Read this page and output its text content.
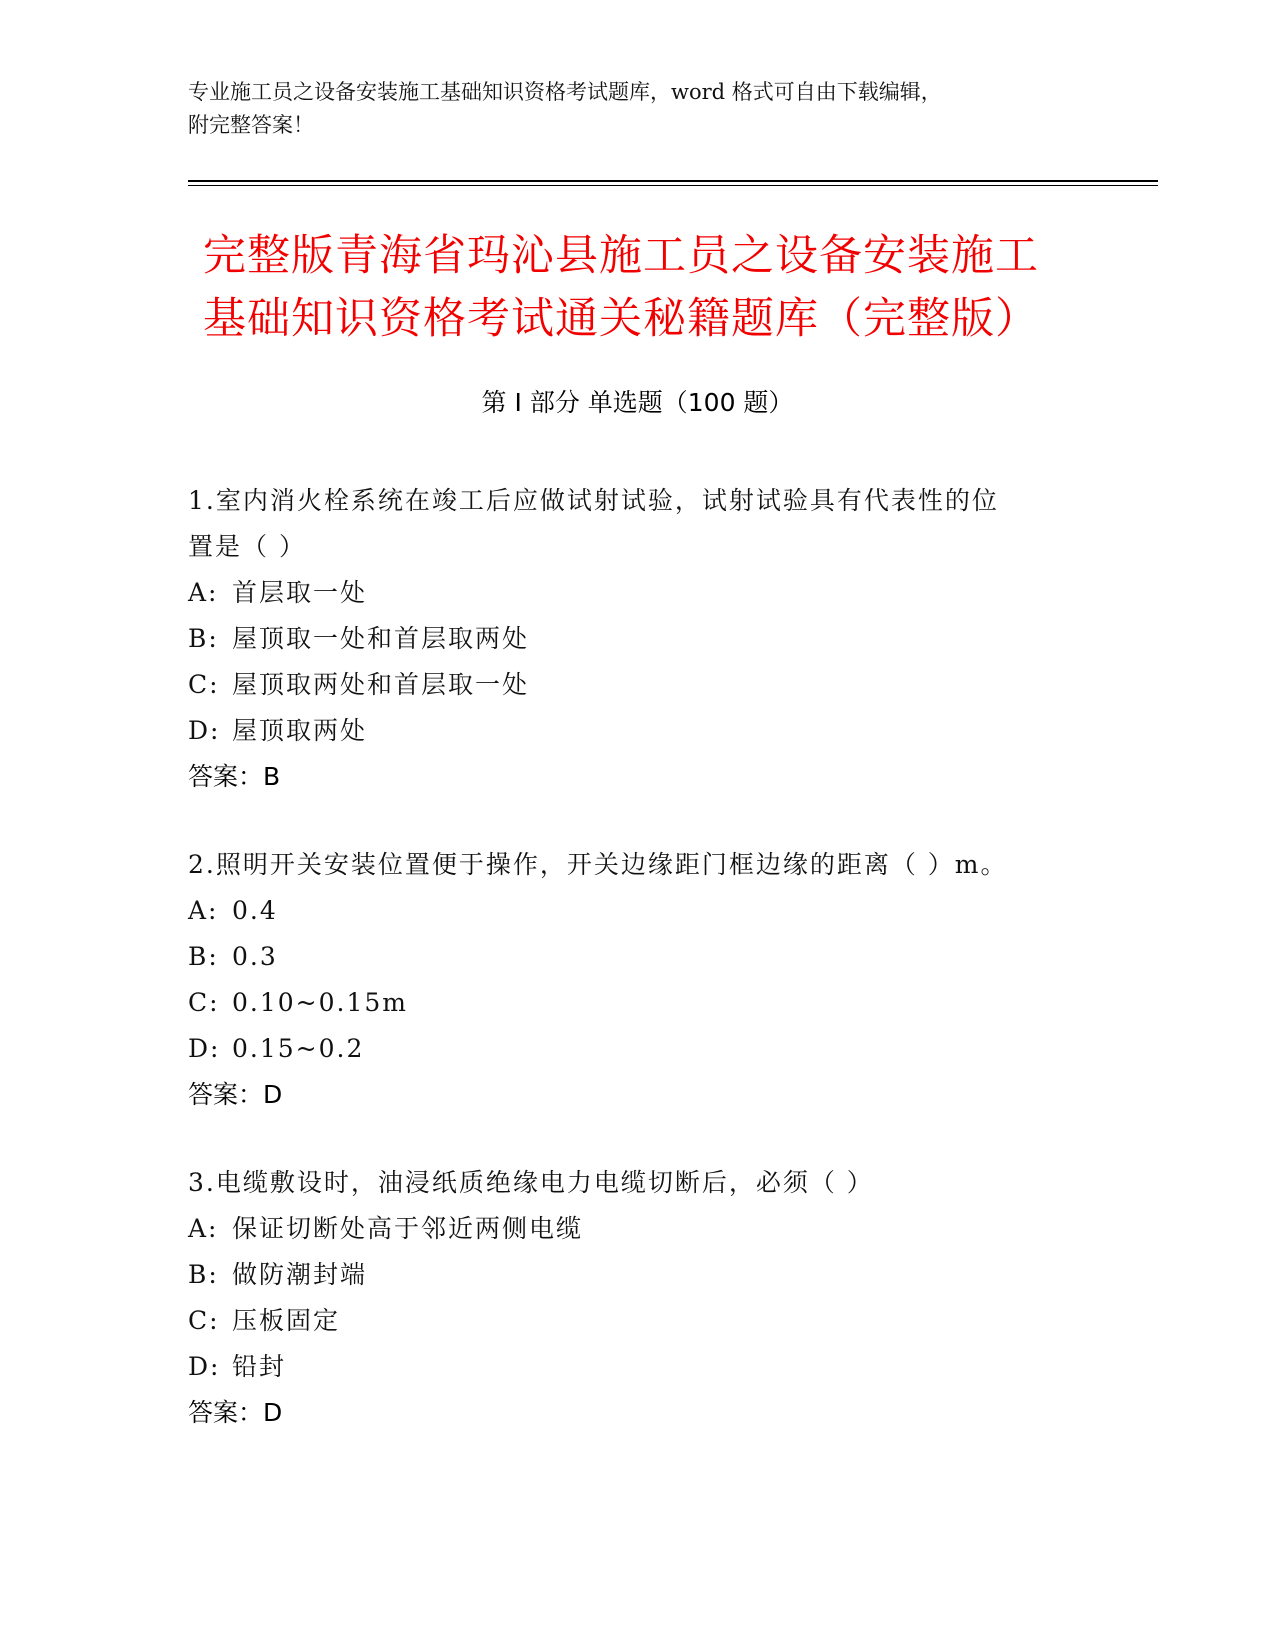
专业施工员之设备安装施工基础知识资格考试题库，word 格式可自由下载编辑，
附完整答案！
完整版青海省玛沁县施工员之设备安装施工
基础知识资格考试通关秘籍题库（完整版）
第 I 部分 单选题（100 题）
1.室内消火栓系统在竣工后应做试射试验，试射试验具有代表性的位
置是（ ）
A: 首层取一处
B: 屋顶取一处和首层取两处
C: 屋顶取两处和首层取一处
D: 屋顶取两处
答案：B
2.照明开关安装位置便于操作，开关边缘距门框边缘的距离（ ）m。
A: 0.4
B: 0.3
C: 0.10~0.15m
D: 0.15~0.2
答案：D
3.电缆敷设时，油浸纸质绝缘电力电缆切断后，必须（ ）
A: 保证切断处高于邻近两侧电缆
B: 做防潮封端
C: 压板固定
D: 铅封
答案：D
